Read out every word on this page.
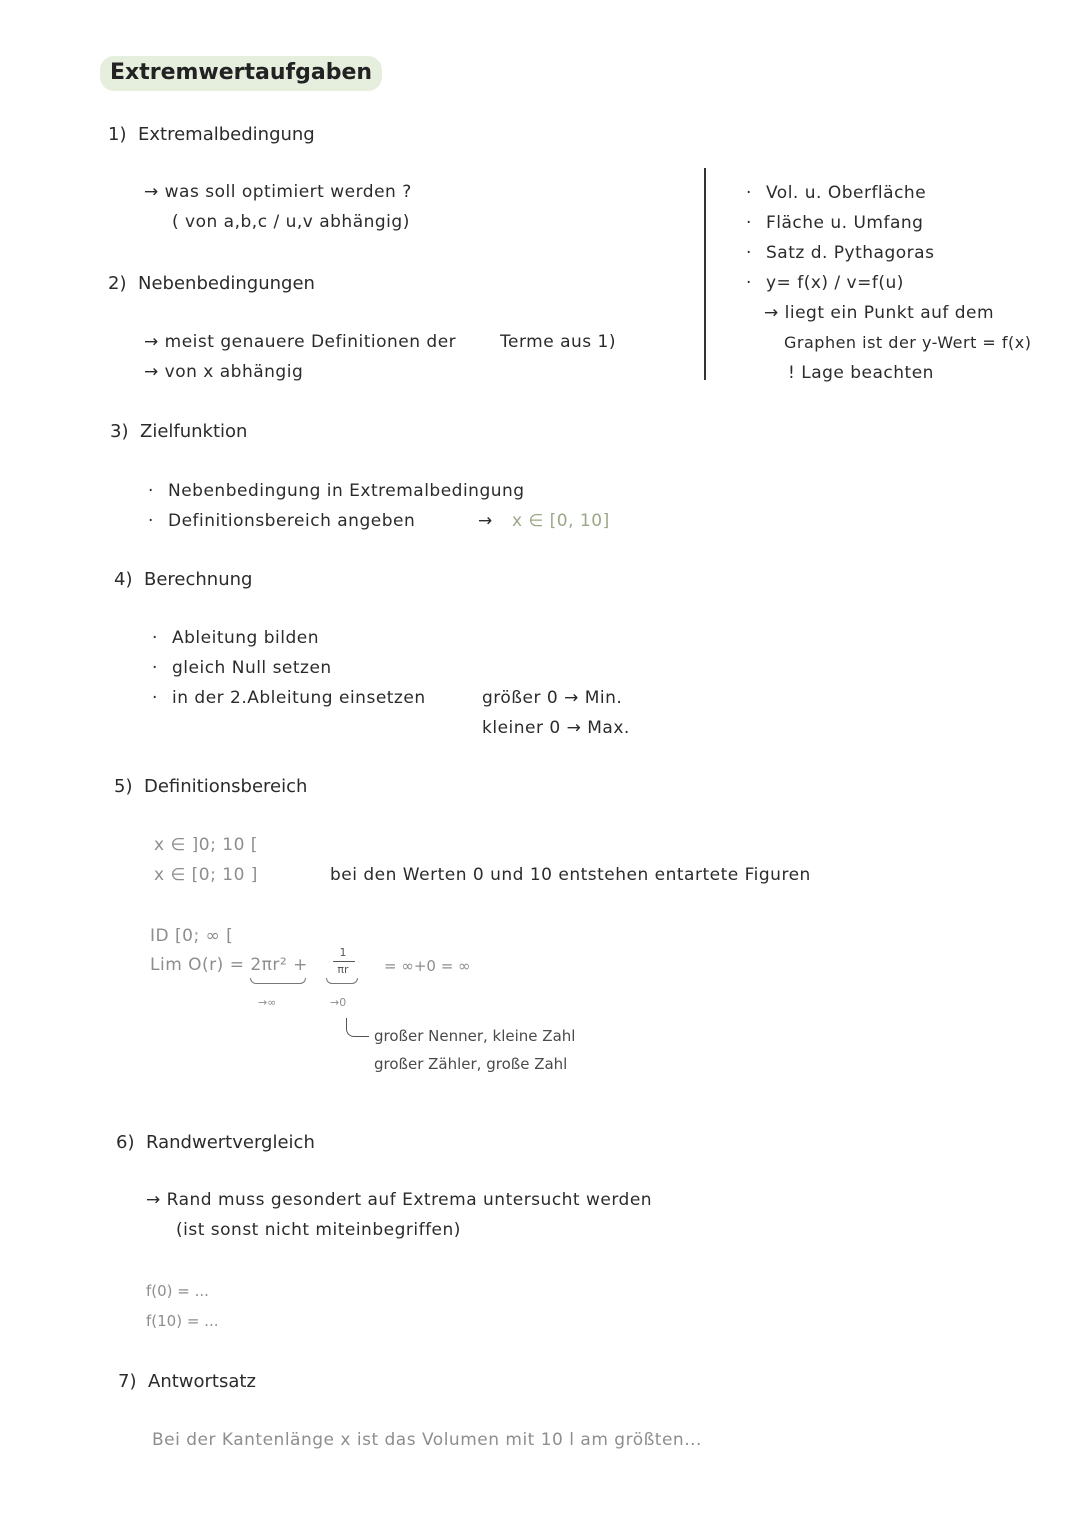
Extremwertaufgaben
1) Extremalbedingung
→ was soll optimiert werden ?
( von a,b,c / u,v abhängig)
2) Nebenbedingungen
→ meist genauere Definitionen der	Terme aus 1)
→ von x abhängig
· Vol. u. Oberfläche
· Fläche u. Umfang
· Satz d. Pythagoras
· y= f(x) / v=f(u)
→ liegt ein Punkt auf dem
Graphen ist der y-Wert = f(x)
! Lage beachten
3) Zielfunktion
· Nebenbedingung in Extremalbedingung
· Definitionsbereich angeben	→ x ∈ [0, 10]
4) Berechnung
· Ableitung bilden
· gleich Null setzen
· in der 2.Ableitung einsetzen	größer 0 → Min.
kleiner 0 → Max.
5) Definitionsbereich
x ∈ ]0; 10 [
x ∈ [0; 10 ]	bei den Werten 0 und 10 entstehen entartete Figuren
ID [0; ∞ [
Lim O(r) = 2πr² +
1
πr	= ∞+0 = ∞
→∞	→0
großer Nenner, kleine Zahl
großer Zähler, große Zahl
6) Randwertvergleich
→ Rand muss gesondert auf Extrema untersucht werden
(ist sonst nicht miteinbegriffen)
f(0) = ...
f(10) = ...
7) Antwortsatz
Bei der Kantenlänge x ist das Volumen mit 10 l am größten...
